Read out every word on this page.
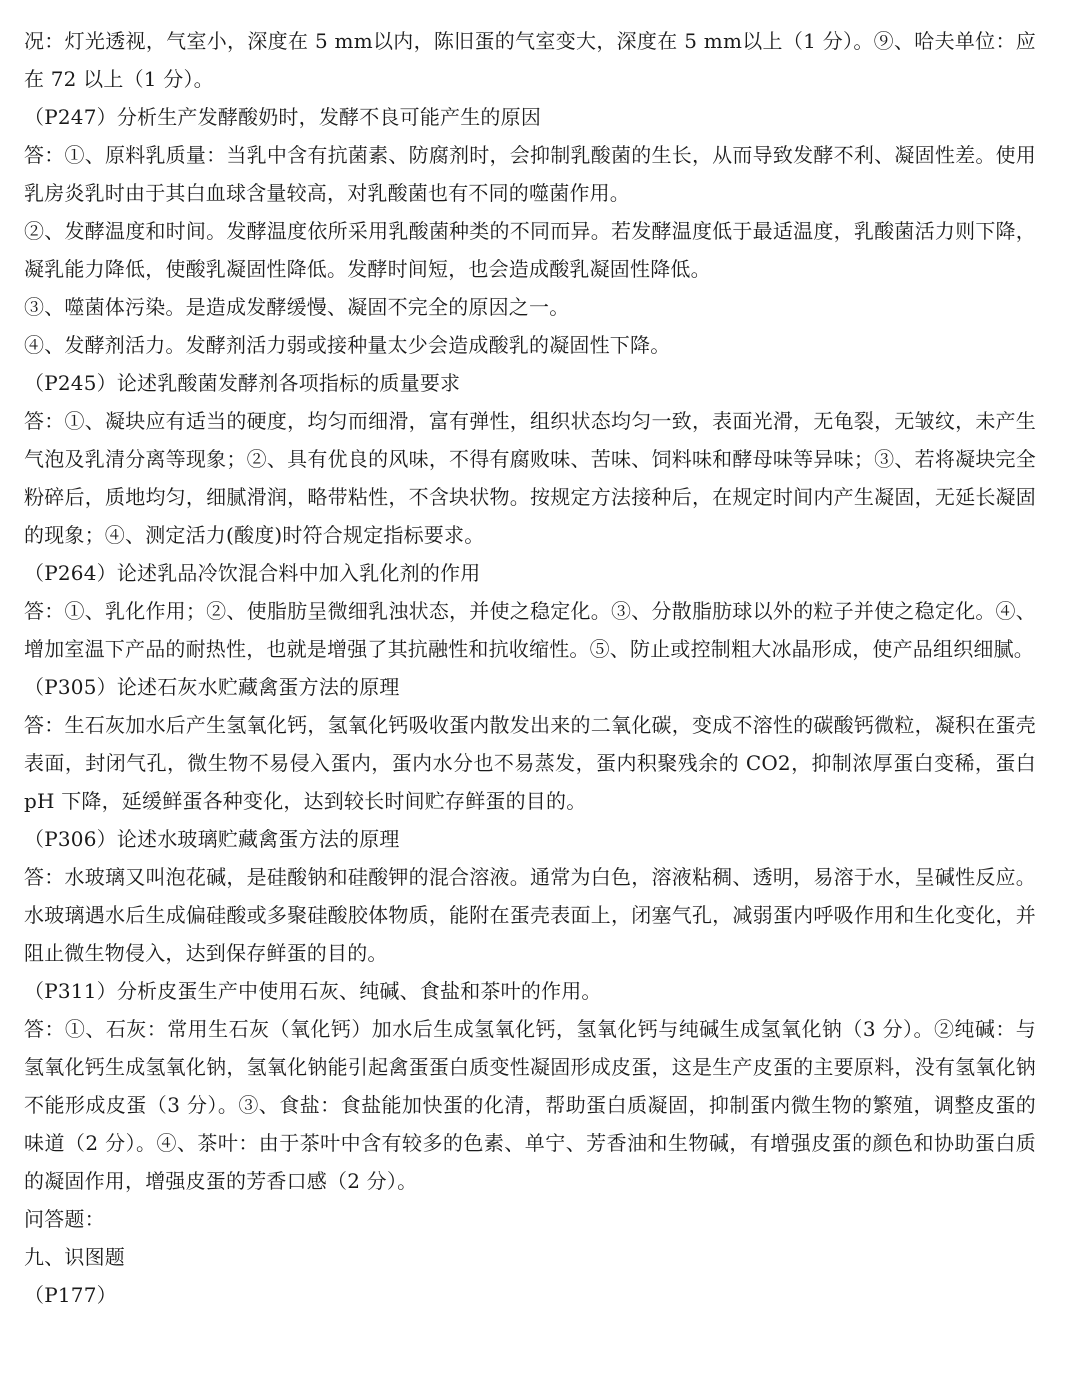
况：灯光透视，气室小，深度在 5 mm以内，陈旧蛋的气室变大，深度在 5 mm以上（1 分）。⑨、哈夫单位：应在 72 以上（1 分）。

（P247）分析生产发酵酸奶时，发酵不良可能产生的原因

答：①、原料乳质量：当乳中含有抗菌素、防腐剂时，会抑制乳酸菌的生长，从而导致发酵不利、凝固性差。使用乳房炎乳时由于其白血球含量较高，对乳酸菌也有不同的噬菌作用。

②、发酵温度和时间。发酵温度依所采用乳酸菌种类的不同而异。若发酵温度低于最适温度，乳酸菌活力则下降，凝乳能力降低，使酸乳凝固性降低。发酵时间短，也会造成酸乳凝固性降低。

③、噬菌体污染。是造成发酵缓慢、凝固不完全的原因之一。

④、发酵剂活力。发酵剂活力弱或接种量太少会造成酸乳的凝固性下降。

（P245）论述乳酸菌发酵剂各项指标的质量要求

答：①、凝块应有适当的硬度，均匀而细滑，富有弹性，组织状态均匀一致，表面光滑，无龟裂，无皱纹，未产生气泡及乳清分离等现象；②、具有优良的风味，不得有腐败味、苦味、饲料味和酵母味等异味；③、若将凝块完全粉碎后，质地均匀，细腻滑润，略带粘性，不含块状物。按规定方法接种后，在规定时间内产生凝固，无延长凝固的现象；④、测定活力(酸度)时符合规定指标要求。

（P264）论述乳品冷饮混合料中加入乳化剂的作用

答：①、乳化作用；②、使脂肪呈微细乳浊状态，并使之稳定化。③、分散脂肪球以外的粒子并使之稳定化。④、增加室温下产品的耐热性，也就是增强了其抗融性和抗收缩性。⑤、防止或控制粗大冰晶形成，使产品组织细腻。

（P305）论述石灰水贮藏禽蛋方法的原理

答：生石灰加水后产生氢氧化钙，氢氧化钙吸收蛋内散发出来的二氧化碳，变成不溶性的碳酸钙微粒，凝积在蛋壳表面，封闭气孔，微生物不易侵入蛋内，蛋内水分也不易蒸发，蛋内积聚残余的 CO2，抑制浓厚蛋白变稀，蛋白 pH 下降，延缓鲜蛋各种变化，达到较长时间贮存鲜蛋的目的。

（P306）论述水玻璃贮藏禽蛋方法的原理

答：水玻璃又叫泡花碱，是硅酸钠和硅酸钾的混合溶液。通常为白色，溶液粘稠、透明，易溶于水，呈碱性反应。水玻璃遇水后生成偏硅酸或多聚硅酸胶体物质，能附在蛋壳表面上，闭塞气孔，减弱蛋内呼吸作用和生化变化，并阻止微生物侵入，达到保存鲜蛋的目的。

（P311）分析皮蛋生产中使用石灰、纯碱、食盐和茶叶的作用。

答：①、石灰：常用生石灰（氧化钙）加水后生成氢氧化钙，氢氧化钙与纯碱生成氢氧化钠（3 分）。②纯碱：与氢氧化钙生成氢氧化钠，氢氧化钠能引起禽蛋蛋白质变性凝固形成皮蛋，这是生产皮蛋的主要原料，没有氢氧化钠不能形成皮蛋（3 分）。③、食盐：食盐能加快蛋的化清，帮助蛋白质凝固，抑制蛋内微生物的繁殖，调整皮蛋的味道（2 分）。④、茶叶：由于茶叶中含有较多的色素、单宁、芳香油和生物碱，有增强皮蛋的颜色和协助蛋白质的凝固作用，增强皮蛋的芳香口感（2 分）。

问答题：

九、识图题

（P177）
